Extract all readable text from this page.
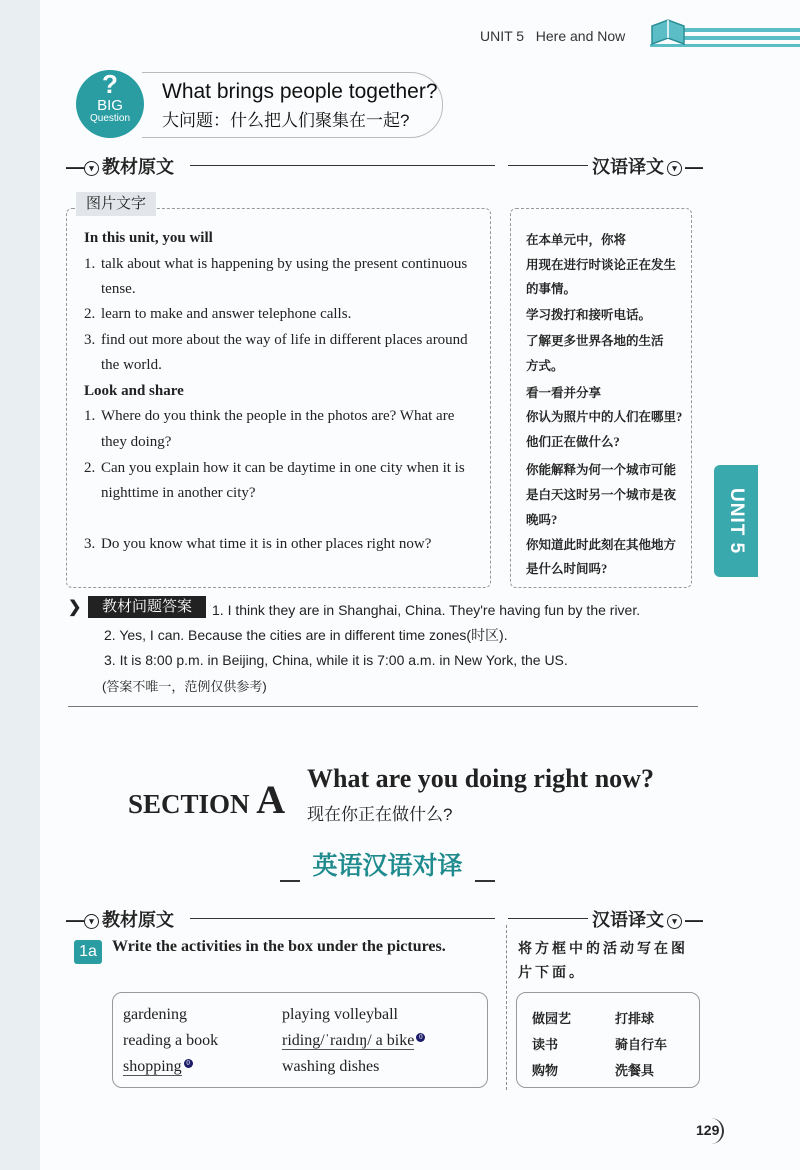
UNIT 5 Here and Now
?
BIG
Question
What brings people together?
大问题：什么把人们聚集在一起?
— ▾ 教材原文	汉语译文 ▾ —
图片文字
In this unit, you will
1. talk about what is happening by using the present continuous
tense.
2. learn to make and answer telephone calls.
3. find out more about the way of life in different places around
the world.
Look and share
1. Where do you think the people in the photos are? What are
they doing?
2. Can you explain how it can be daytime in one city when it is
nighttime in another city?
3. Do you know what time it is in other places right now?
在本单元中，你将
用现在进行时谈论正在发生
的事情。
学习拨打和接听电话。
了解更多世界各地的生活
方式。
看一看并分享
你认为照片中的人们在哪里?
他们正在做什么?
你能解释为何一个城市可能
是白天这时另一个城市是夜
晚吗?
你知道此时此刻在其他地方
是什么时间吗?
UNIT 5
❯	教材问题答案	1. I think they are in Shanghai, China. They're having fun by the river.
2. Yes, I can. Because the cities are in different time zones(时区).
3. It is 8:00 p.m. in Beijing, China, while it is 7:00 a.m. in New York, the US.
(答案不唯一，范例仅供参考)
SECTION A What are you doing right now?
现在你正在做什么?
英语汉语对译
— ▾ 教材原文	汉语译文 ▾ —
1a Write the activities in the box under the pictures.	将方框中的活动写在图片下面。
gardening	playing volleyball
reading a book	riding/ˈraɪdɪŋ/ a bike 0
shopping 0	washing dishes
做园艺	打排球
读书	骑自行车
购物	洗餐具
129
